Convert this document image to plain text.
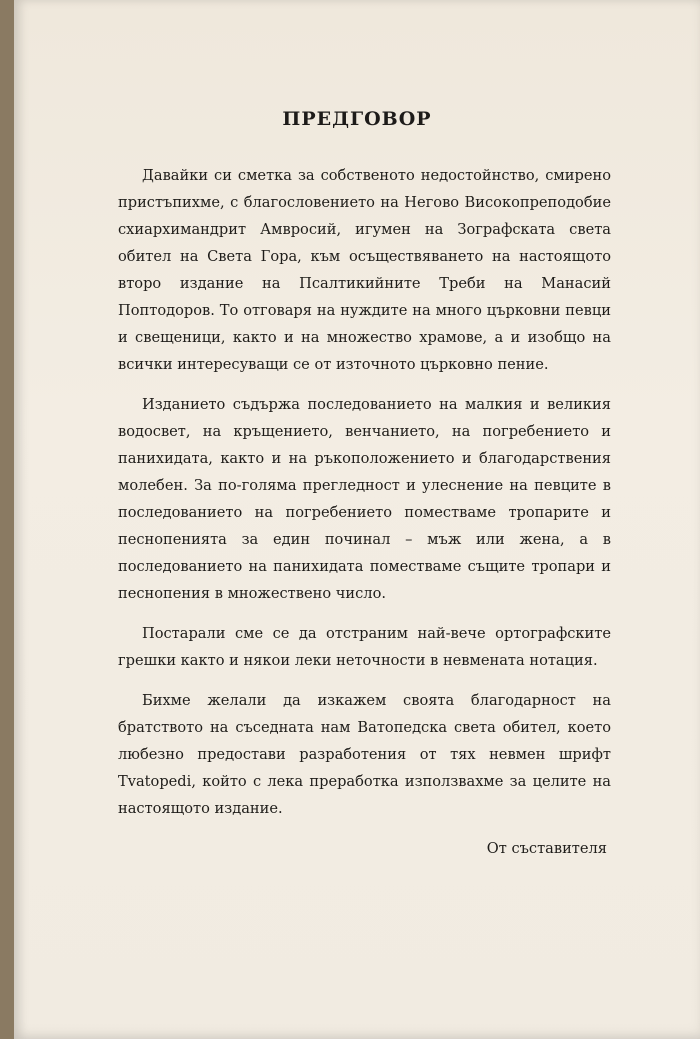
ПРЕДГОВОР

Давайки си сметка за собственото недостойнство, смирено пристъпихме, с благословението на Негово Високопреподобие схиархимандрит Амвросий, игумен на Зографската света обител на Света Гора, към осъществяването на настоящото второ издание на Псалтикийните Треби на Манасий Поптодоров. То отговаря на нуждите на много църковни певци и свещеници, както и на множество храмове, а и изобщо на всички интересуващи се от източното църковно пение.

Изданието съдържа последованието на малкия и великия водосвет, на кръщението, венчанието, на погребението и панихидата, както и на ръкоположението и благодарствения молебен. За по-голяма прегледност и улеснение на певците в последованието на погребението поместваме тропарите и песнопенията за един починал – мъж или жена, а в последованието на панихидата поместваме същите тропари и песнопения в множествено число.

Постарали сме се да отстраним най-вече ортографските грешки както и някои леки неточности в невмената нотация.

Бихме желали да изкажем своята благодарност на братството на съседната нам Ватопедска света обител, което любезно предостави разработения от тях невмен шрифт Tvatopedi, който с лека преработка използвахме за целите на настоящото издание.

От съставителя
